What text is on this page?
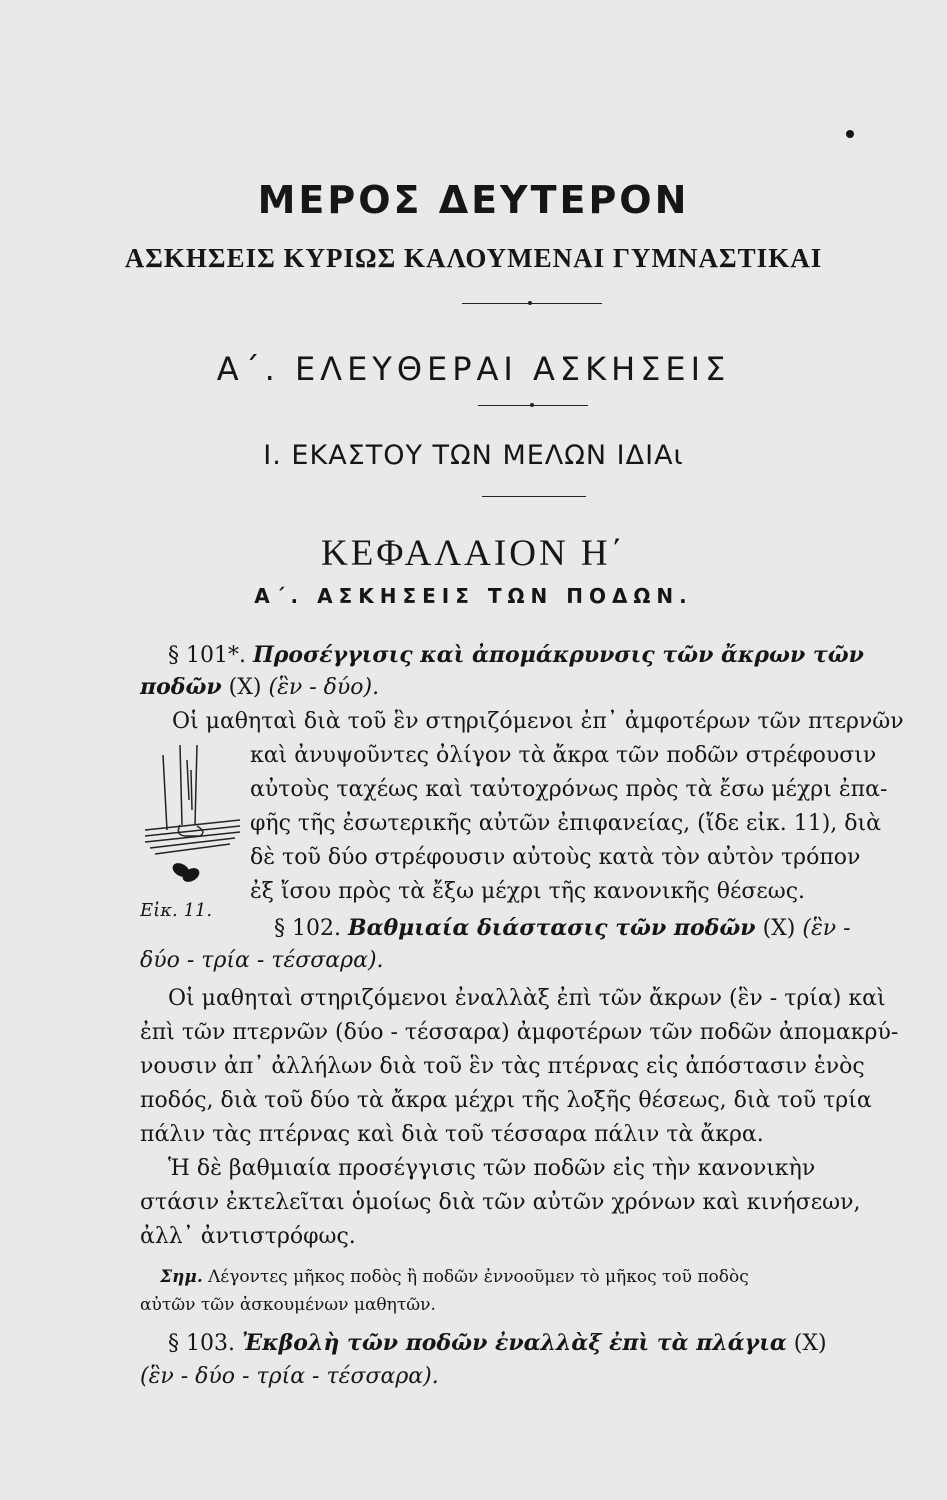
ΜΕΡΟΣ ΔΕΥΤΕΡΟΝ
ΑΣΚΗΣΕΙΣ ΚΥΡΙΩΣ ΚΑΛΟΥΜΕΝΑΙ ΓΥΜΝΑΣΤΙΚΑΙ
Α΄. ΕΛΕΥΘΕΡΑΙ ΑΣΚΗΣΕΙΣ
Ι. ΕΚΑΣΤΟΥ ΤΩΝ ΜΕΛΩΝ ΙΔΙΑι
ΚΕΦΑΛΑΙΟΝ Η΄
Α΄. ΑΣΚΗΣΕΙΣ ΤΩΝ ΠΟΔΩΝ.
§ 101*. Προσέγγισις καὶ ἀπομάκρυνσις τῶν ἄκρων τῶν
ποδῶν (Χ) (ἓν - δύο).
Οἱ μαθηταὶ διὰ τοῦ ἓν στηριζόμενοι ἐπ᾽ ἀμφοτέρων τῶν πτερνῶν
καὶ ἀνυψοῦντες ὀλίγον τὰ ἄκρα τῶν ποδῶν στρέφουσιν
αὐτοὺς ταχέως καὶ ταὐτοχρόνως πρὸς τὰ ἔσω μέχρι ἐπα-
φῆς τῆς ἐσωτερικῆς αὐτῶν ἐπιφανείας, (ἴδε εἰκ. 11), διὰ
δὲ τοῦ δύο στρέφουσιν αὐτοὺς κατὰ τὸν αὐτὸν τρόπον
ἐξ ἴσου πρὸς τὰ ἔξω μέχρι τῆς κανονικῆς θέσεως.
Εἰκ. 11.
§ 102. Βαθμιαία διάστασις τῶν ποδῶν (Χ) (ἓν -
δύο - τρία - τέσσαρα).
Οἱ μαθηταὶ στηριζόμενοι ἐναλλὰξ ἐπὶ τῶν ἄκρων (ἓν - τρία) καὶ
ἐπὶ τῶν πτερνῶν (δύο - τέσσαρα) ἀμφοτέρων τῶν ποδῶν ἀπομακρύ-
νουσιν ἀπ᾽ ἀλλήλων διὰ τοῦ ἓν τὰς πτέρνας εἰς ἀπόστασιν ἑνὸς
ποδός, διὰ τοῦ δύο τὰ ἄκρα μέχρι τῆς λοξῆς θέσεως, διὰ τοῦ τρία
πάλιν τὰς πτέρνας καὶ διὰ τοῦ τέσσαρα πάλιν τὰ ἄκρα.
Ἡ δὲ βαθμιαία προσέγγισις τῶν ποδῶν εἰς τὴν κανονικὴν
στάσιν ἐκτελεῖται ὁμοίως διὰ τῶν αὐτῶν χρόνων καὶ κινήσεων,
ἀλλ᾽ ἀντιστρόφως.
Σημ. Λέγοντες μῆκος ποδὸς ἢ ποδῶν ἐννοοῦμεν τὸ μῆκος τοῦ ποδὸς
αὐτῶν τῶν ἀσκουμένων μαθητῶν.
§ 103. Ἐκβολὴ τῶν ποδῶν ἐναλλὰξ ἐπὶ τὰ πλάγια (Χ)
(ἓν - δύο - τρία - τέσσαρα).
